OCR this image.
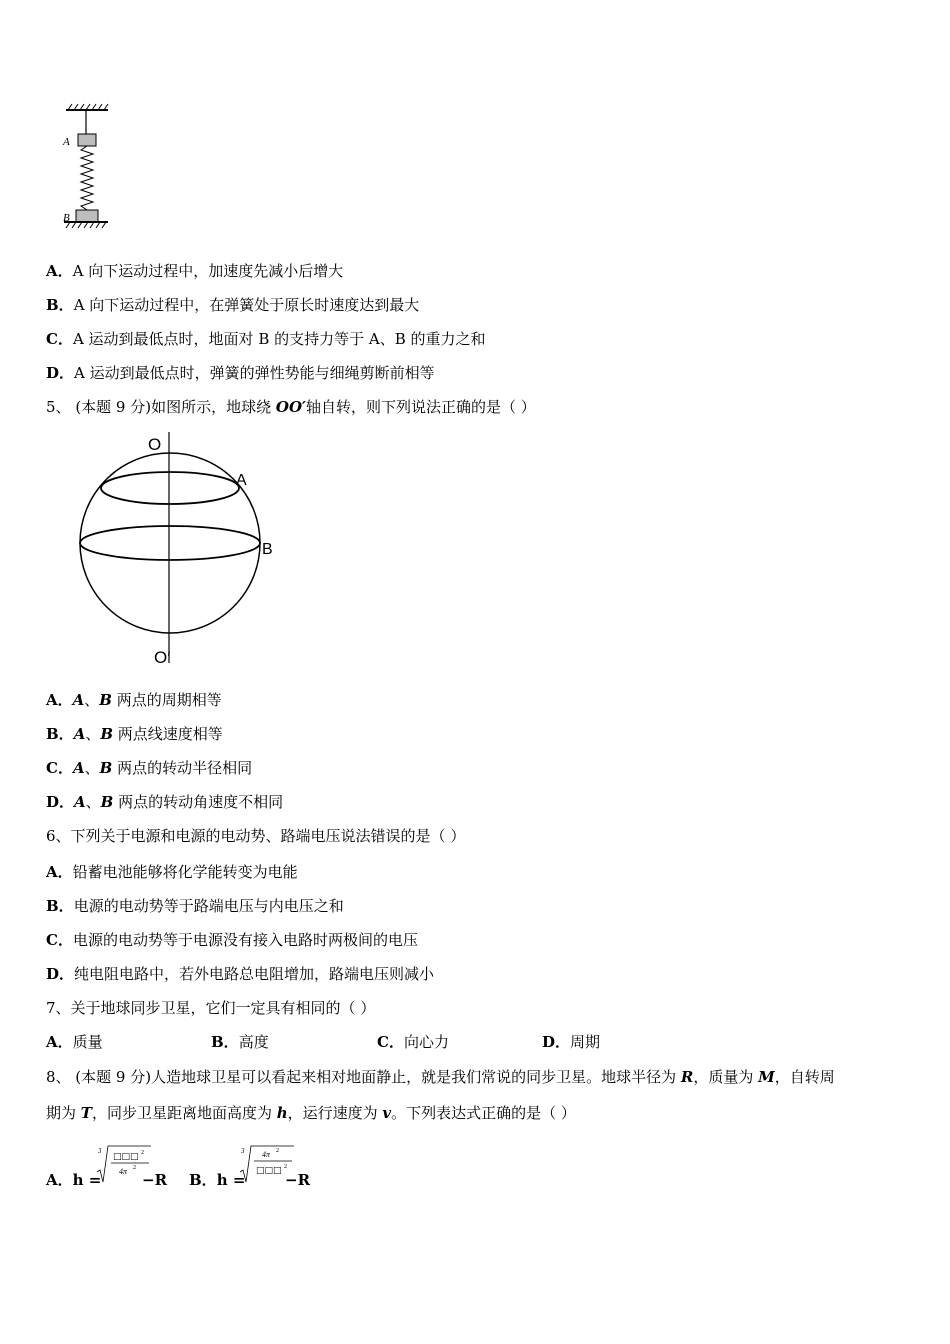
A
B
A．A 向下运动过程中，加速度先减小后增大
B．A 向下运动过程中，在弹簧处于原长时速度达到最大
C．A 运动到最低点时，地面对 B 的支持力等于 A、B 的重力之和
D．A 运动到最低点时，弹簧的弹性势能与细绳剪断前相等
5、 (本题 9 分)如图所示，地球绕 OO′轴自转，则下列说法正确的是（ ）
O
A
B
O′
A．A、B 两点的周期相等
B．A、B 两点线速度相等
C．A、B 两点的转动半径相同
D．A、B 两点的转动角速度不相同
6、下列关于电源和电源的电动势、路端电压说法错误的是（ ）
A．铅蓄电池能够将化学能转变为电能
B．电源的电动势等于路端电压与内电压之和
C．电源的电动势等于电源没有接入电路时两极间的电压
D．纯电阻电路中，若外电路总电阻增加，路端电压则减小
7、关于地球同步卫星，它们一定具有相同的（ ）
A．质量	B．高度	C．向心力	D．周期
8、 (本题 9 分)人造地球卫星可以看起来相对地面静止，就是我们常说的同步卫星。地球半径为 R，质量为 M，自转周
期为 T，同步卫星距离地面高度为 h，运行速度为 v。下列表达式正确的是（ ）
A．h =
3
□□□ 2
4π 2
−R B．h =
3 4π 2
□□□ 2
−R
